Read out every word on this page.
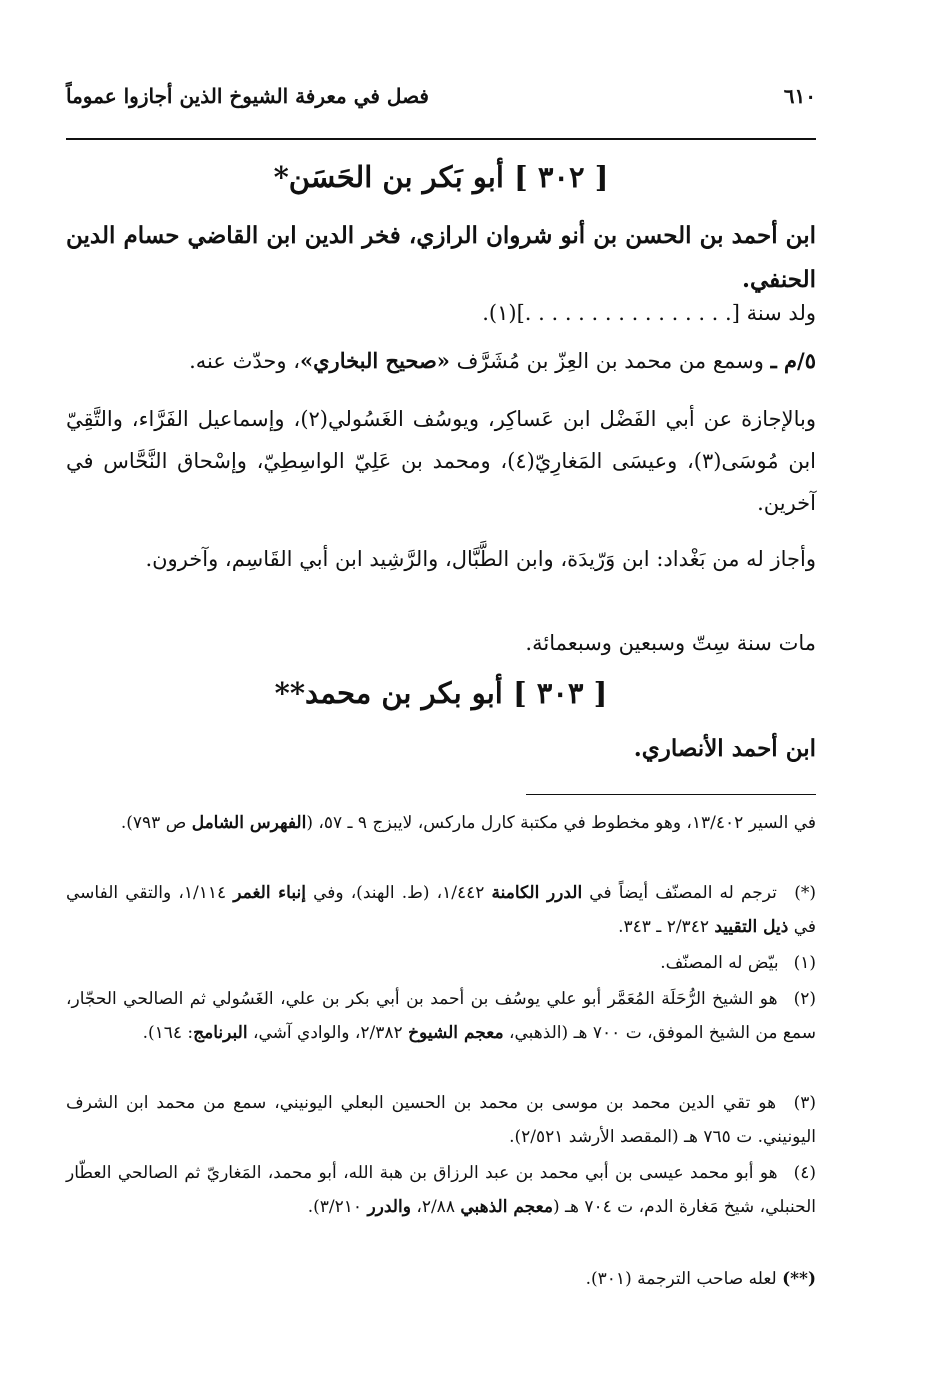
٦١٠
فصل في معرفة الشيوخ الذين أجازوا عموماً
[ ٣٠٢ ] أبو بَكر بن الحَسَن*
ابن أحمد بن الحسن بن أنو شروان الرازي، فخر الدين ابن القاضي حسام الدين الحنفي.
ولد سنة [. . . . . . . . . . . . . . . .](١).
٥/م ـ وسمع من محمد بن العِزّ بن مُشَرَّف «صحيح البخاري»، وحدّث عنه.
وبالإجازة عن أبي الفَضْل ابن عَساكِر، ويوسُف الغَسُولي(٢)، وإسماعيل الفَرَّاء، والتَّقِيّ ابن مُوسَى(٣)، وعيسَى المَغارِيّ(٤)، ومحمد بن عَلِيّ الواسِطِيّ، وإسْحاق النَّحَّاس في آخرين.
وأجاز له من بَغْداد: ابن وَرّيدَة، وابن الطَّبَّال، والرَّشِيد ابن أبي القَاسِم، وآخرون.
مات سنة سِتّ وسبعين وسبعمائة.
[ ٣٠٣ ] أبو بكر بن محمد**
ابن أحمد الأنصاري.
في السير ١٣/٤٠٢، وهو مخطوط في مكتبة كارل ماركس، لايبزج ٩ ـ ٥٧، (الفهرس الشامل ص ٧٩٣).
(*) ترجم له المصنّف أيضاً في الدرر الكامنة ١/٤٤٢، (ط. الهند)، وفي إنباء الغمر ١/١١٤، والتقي الفاسي في ذيل التقييد ٢/٣٤٢ ـ ٣٤٣.
(١) بيّض له المصنّف.
(٢) هو الشيخ الرُّحَلَة المُعَمَّر أبو علي يوسُف بن أحمد بن أبي بكر بن علي، الغَسُولي ثم الصالحي الحجّار، سمع من الشيخ الموفق، ت ٧٠٠ هـ (الذهبي، معجم الشيوخ ٢/٣٨٢، والوادي آشي، البرنامج: ١٦٤).
(٣) هو تقي الدين محمد بن موسى بن محمد بن الحسين البعلي اليونيني، سمع من محمد ابن الشرف اليونيني. ت ٧٦٥ هـ (المقصد الأرشد ٢/٥٢١).
(٤) هو أبو محمد عيسى بن أبي محمد بن عبد الرزاق بن هبة الله، أبو محمد، المَغاريّ ثم الصالحي العطّار الحنبلي، شيخ مَغارة الدم، ت ٧٠٤ هـ (معجم الذهبي ٢/٨٨، والدرر ٣/٢١٠).
(**) لعله صاحب الترجمة (٣٠١).
